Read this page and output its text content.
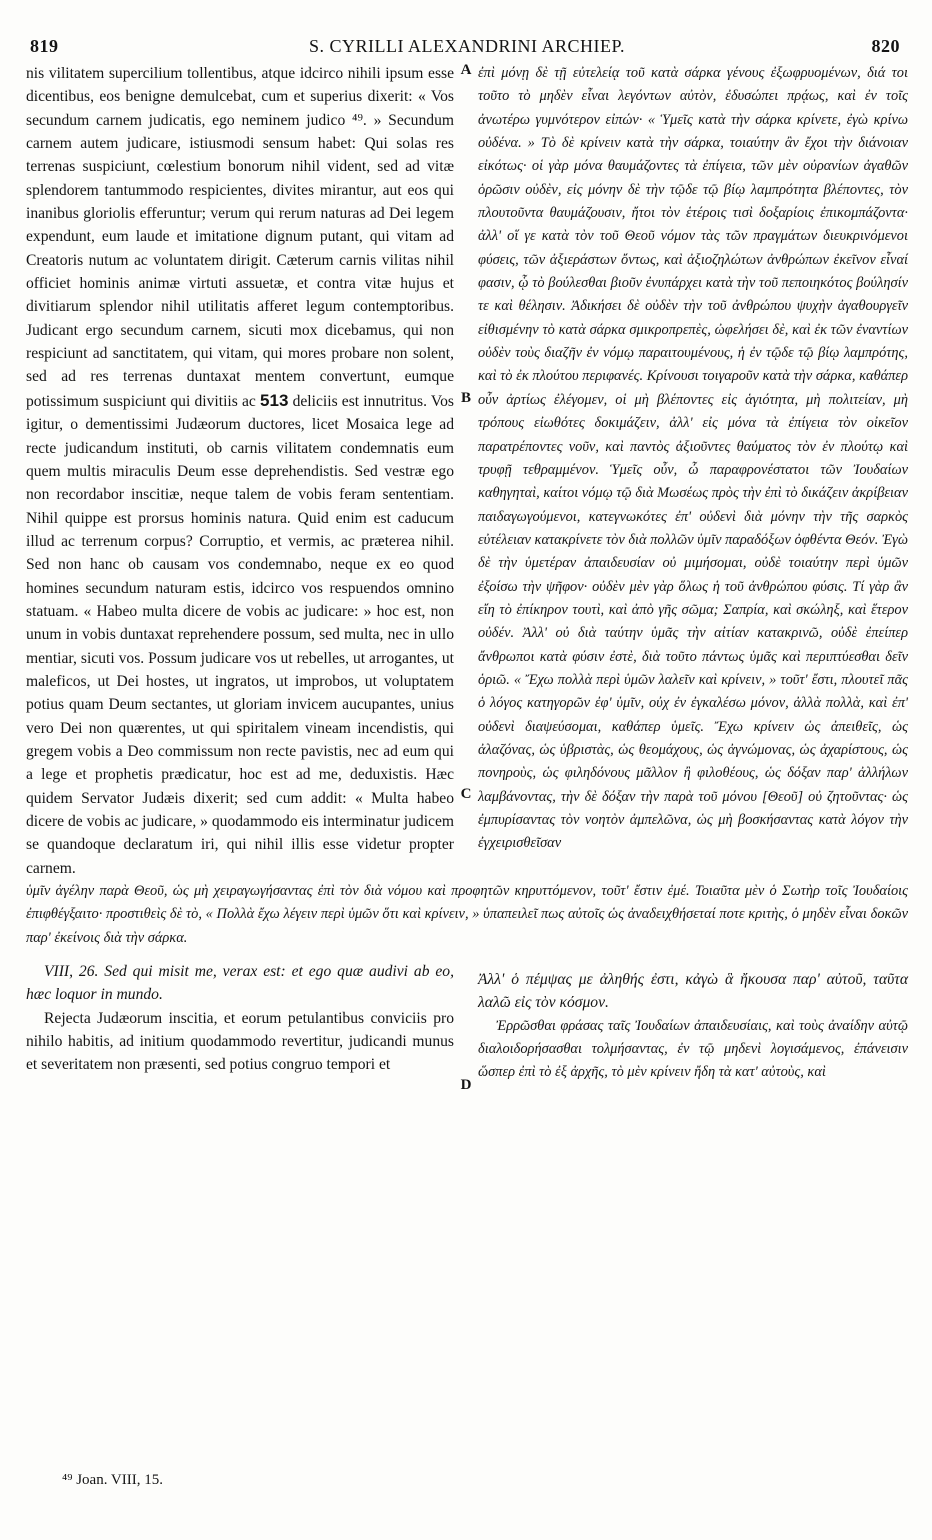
819	S. CYRILLI ALEXANDRINI ARCHIEP.	820

nis vilitatem supercilium tollentibus, atque idcirco nihili ipsum esse dicentibus, eos benigne demulcebat, cum et superius dixerit: « Vos secundum carnem judicatis, ego neminem judico ⁴⁹. » Secundum carnem autem judicare, istiusmodi sensum habet: Qui solas res terrenas suspiciunt, cœlestium bonorum nihil vident, sed ad vitæ splendorem tantummodo respicientes, divites mirantur, aut eos qui inanibus gloriolis efferuntur; verum qui rerum naturas ad Dei legem expendunt, eum laude et imitatione dignum putant, qui vitam ad Creatoris nutum ac voluntatem dirigit. Cæterum carnis vilitas nihil officiet hominis animæ virtuti assuetæ, et contra vitæ hujus et divitiarum splendor nihil utilitatis afferet legum contemptoribus. Judicant ergo secundum carnem, sicuti mox dicebamus, qui non respiciunt ad sanctitatem, qui vitam, qui mores probare non solent, sed ad res terrenas duntaxat mentem convertunt, eumque potissimum suspiciunt qui divitiis ac 513 deliciis est innutritus. Vos igitur, o dementissimi Judæorum ductores, licet Mosaica lege ad recte judicandum instituti, ob carnis vilitatem condemnatis eum quem multis miraculis Deum esse deprehendistis. Sed vestræ ego non recordabor inscitiæ, neque talem de vobis feram sententiam. Nihil quippe est prorsus hominis natura. Quid enim est caducum illud ac terrenum corpus? Corruptio, et vermis, ac præterea nihil. Sed non hanc ob causam vos condemnabo, neque ex eo quod homines secundum naturam estis, idcirco vos respuendos omnino statuam. « Habeo multa dicere de vobis ac judicare: » hoc est, non unum in vobis duntaxat reprehendere possum, sed multa, nec in ullo mentiar, sicuti vos. Possum judicare vos ut rebelles, ut arrogantes, ut maleficos, ut Dei hostes, ut ingratos, ut improbos, ut voluptatem potius quam Deum sectantes, ut gloriam invicem aucupantes, unius vero Dei non quærentes, ut qui spiritalem vineam incendistis, qui gregem vobis a Deo commissum non recte pavistis, nec ad eum qui a lege et prophetis prædicatur, hoc est ad me, deduxistis. Hæc quidem Servator Judæis dixerit; sed cum addit: « Multa habeo dicere de vobis ac judicare, » quodammodo eis interminatur judicem se quandoque declaratum iri, qui nihil illis esse videtur propter carnem.

A
B
C
D

ἐπὶ μόνῃ δὲ τῇ εὐτελείᾳ τοῦ κατὰ σάρκα γένους ἐξωφρυομένων, διά τοι τοῦτο τὸ μηδὲν εἶναι λεγόντων αὐτὸν, ἐδυσώπει πρᾴως, καὶ ἐν τοῖς ἀνωτέρω γυμνότερον εἰπών· « Ὑμεῖς κατὰ τὴν σάρκα κρίνετε, ἐγὼ κρίνω οὐδένα. » Τὸ δὲ κρίνειν κατὰ τὴν σάρκα, τοιαύτην ἂν ἔχοι τὴν διάνοιαν εἰκότως· οἱ γὰρ μόνα θαυμάζοντες τὰ ἐπίγεια, τῶν μὲν οὐρανίων ἀγαθῶν ὁρῶσιν οὐδὲν, εἰς μόνην δὲ τὴν τῷδε τῷ βίῳ λαμπρότητα βλέποντες, τὸν πλουτοῦντα θαυμάζουσιν, ἤτοι τὸν ἑτέροις τισὶ δοξαρίοις ἐπικομπάζοντα· ἀλλ' οἵ γε κατὰ τὸν τοῦ Θεοῦ νόμον τὰς τῶν πραγμάτων διευκρινόμενοι φύσεις, τῶν ἀξιεράστων ὄντως, καὶ ἀξιοζηλώτων ἀνθρώπων ἐκεῖνον εἶναί φασιν, ᾧ τὸ βούλεσθαι βιοῦν ἐνυπάρχει κατὰ τὴν τοῦ πεποιηκότος βούλησίν τε καὶ θέλησιν. Ἀδικήσει δὲ οὐδὲν τὴν τοῦ ἀνθρώπου ψυχὴν ἀγαθουργεῖν εἰθισμένην τὸ κατὰ σάρκα σμικροπρεπὲς, ὠφελήσει δὲ, καὶ ἐκ τῶν ἐναντίων οὐδὲν τοὺς διαζῆν ἐν νόμῳ παραιτουμένους, ἡ ἐν τῷδε τῷ βίῳ λαμπρότης, καὶ τὸ ἐκ πλούτου περιφανές. Κρίνουσι τοιγαροῦν κατὰ τὴν σάρκα, καθάπερ οὖν ἀρτίως ἐλέγομεν, οἱ μὴ βλέποντες εἰς ἁγιότητα, μὴ πολιτείαν, μὴ τρόπους εἰωθότες δοκιμάζειν, ἀλλ' εἰς μόνα τὰ ἐπίγεια τὸν οἰκεῖον παρατρέποντες νοῦν, καὶ παντὸς ἀξιοῦντες θαύματος τὸν ἐν πλούτῳ καὶ τρυφῇ τεθραμμένον. Ὑμεῖς οὖν, ὦ παραφρονέστατοι τῶν Ἰουδαίων καθηγηταὶ, καίτοι νόμῳ τῷ διὰ Μωσέως πρὸς τὴν ἐπὶ τὸ δικάζειν ἀκρίβειαν παιδαγωγούμενοι, κατεγνωκότες ἐπ' οὐδενὶ διὰ μόνην τὴν τῆς σαρκὸς εὐτέλειαν κατακρίνετε τὸν διὰ πολλῶν ὑμῖν παραδόξων ὀφθέντα Θεόν. Ἐγὼ δὲ τὴν ὑμετέραν ἀπαιδευσίαν οὐ μιμήσομαι, οὐδὲ τοιαύτην περὶ ὑμῶν ἐξοίσω τὴν ψῆφον· οὐδὲν μὲν γὰρ ὅλως ἡ τοῦ ἀνθρώπου φύσις. Τί γὰρ ἂν εἴη τὸ ἐπίκηρον τουτὶ, καὶ ἀπὸ γῆς σῶμα; Σαπρία, καὶ σκώληξ, καὶ ἕτερον οὐδέν. Ἀλλ' οὐ διὰ ταύτην ὑμᾶς τὴν αἰτίαν κατακρινῶ, οὐδὲ ἐπείπερ ἄνθρωποι κατὰ φύσιν ἐστὲ, διὰ τοῦτο πάντως ὑμᾶς καὶ περιπτύεσθαι δεῖν ὁριῶ. « Ἔχω πολλὰ περὶ ὑμῶν λαλεῖν καὶ κρίνειν, » τοῦτ' ἔστι, πλουτεῖ πᾶς ὁ λόγος κατηγορῶν ἐφ' ὑμῖν, οὐχ ἐν ἐγκαλέσω μόνον, ἀλλὰ πολλὰ, καὶ ἐπ' οὐδενὶ διαψεύσομαι, καθάπερ ὑμεῖς. Ἔχω κρίνειν ὡς ἀπειθεῖς, ὡς ἀλαζόνας, ὡς ὑβριστὰς, ὡς θεομάχους, ὡς ἀγνώμονας, ὡς ἀχαρίστους, ὡς πονηροὺς, ὡς φιληδόνους μᾶλλον ἢ φιλοθέους, ὡς δόξαν παρ' ἀλλήλων λαμβάνοντας, τὴν δὲ δόξαν τὴν παρὰ τοῦ μόνου [Θεοῦ] οὐ ζητοῦντας· ὡς ἐμπυρίσαντας τὸν νοητὸν ἀμπελῶνα, ὡς μὴ βοσκήσαντας κατὰ λόγον τὴν ἐγχειρισθεῖσαν

ὑμῖν ἀγέλην παρὰ Θεοῦ, ὡς μὴ χειραγωγήσαντας ἐπὶ τὸν διὰ νόμου καὶ προφητῶν κηρυττόμενον, τοῦτ' ἔστιν ἐμέ. Τοιαῦτα μὲν ὁ Σωτὴρ τοῖς Ἰουδαίοις ἐπιφθέγξαιτο· προστιθεὶς δὲ τὸ, « Πολλὰ ἔχω λέγειν περὶ ὑμῶν ὅτι καὶ κρίνειν, » ὑπαπειλεῖ πως αὐτοῖς ὡς ἀναδειχθήσεταί ποτε κριτὴς, ὁ μηδὲν εἶναι δοκῶν παρ' ἐκείνοις διὰ τὴν σάρκα.

VIII, 26. Sed qui misit me, verax est: et ego quæ audivi ab eo, hæc loquor in mundo.

Rejecta Judæorum inscitia, et eorum petulantibus conviciis pro nihilo habitis, ad initium quodammodo revertitur, judicandi munus et severitatem non præsenti, sed potius congruo tempori et

Ἀλλ' ὁ πέμψας με ἀληθής ἐστι, κἀγὼ ἃ ἤκουσα παρ' αὐτοῦ, ταῦτα λαλῶ εἰς τὸν κόσμον.

Ἐρρῶσθαι φράσας ταῖς Ἰουδαίων ἀπαιδευσίαις, καὶ τοὺς ἀναίδην αὐτῷ διαλοιδορήσασθαι τολμήσαντας, ἐν τῷ μηδενὶ λογισάμενος, ἐπάνεισιν ὥσπερ ἐπὶ τὸ ἐξ ἀρχῆς, τὸ μὲν κρίνειν ἤδη τὰ κατ' αὐτοὺς, καὶ

⁴⁹ Joan. VIII, 15.
